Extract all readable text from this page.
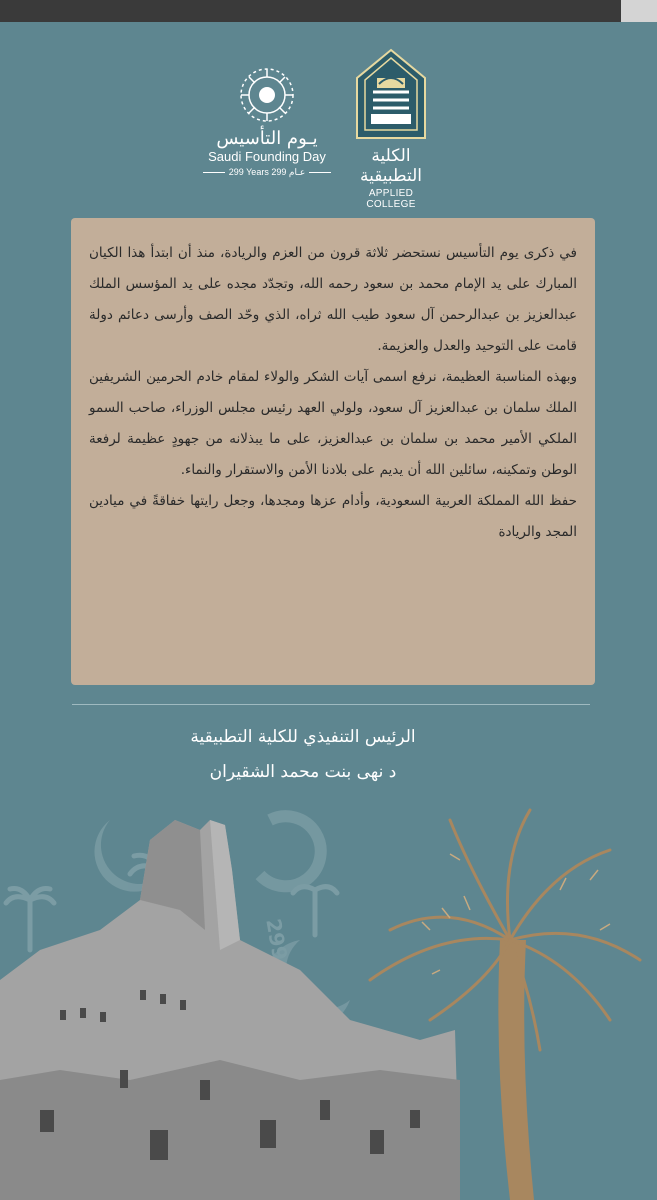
الكلية التطبيقية
APPLIED COLLEGE
يـوم التأسيس
Saudi Founding Day
299 Years 299 عـام

في ذكرى يوم التأسيس نستحضر ثلاثة قرون من العزم والريادة، منذ أن ابتدأ هذا الكيان المبارك على يد الإمام محمد بن سعود رحمه الله، وتجدّد مجده على يد المؤسس الملك عبدالعزيز بن عبدالرحمن آل سعود طيب الله ثراه، الذي وحّد الصف وأرسى دعائم دولة قامت على التوحيد والعدل والعزيمة.

وبهذه المناسبة العظيمة، نرفع اسمى آيات الشكر والولاء لمقام خادم الحرمين الشريفين الملك سلمان بن عبدالعزيز آل سعود، ولولي العهد رئيس مجلس الوزراء، صاحب السمو الملكي الأمير محمد بن سلمان بن عبدالعزيز، على ما يبذلانه من جهودٍ عظيمة لرفعة الوطن وتمكينه، سائلين الله أن يديم على بلادنا الأمن والاستقرار والنماء.

حفظ الله المملكة العربية السعودية، وأدام عزها ومجدها، وجعل رايتها خفاقةً في ميادين المجد والريادة

الرئيس التنفيذي للكلية التطبيقية
د نهى بنت محمد الشقيران
299
